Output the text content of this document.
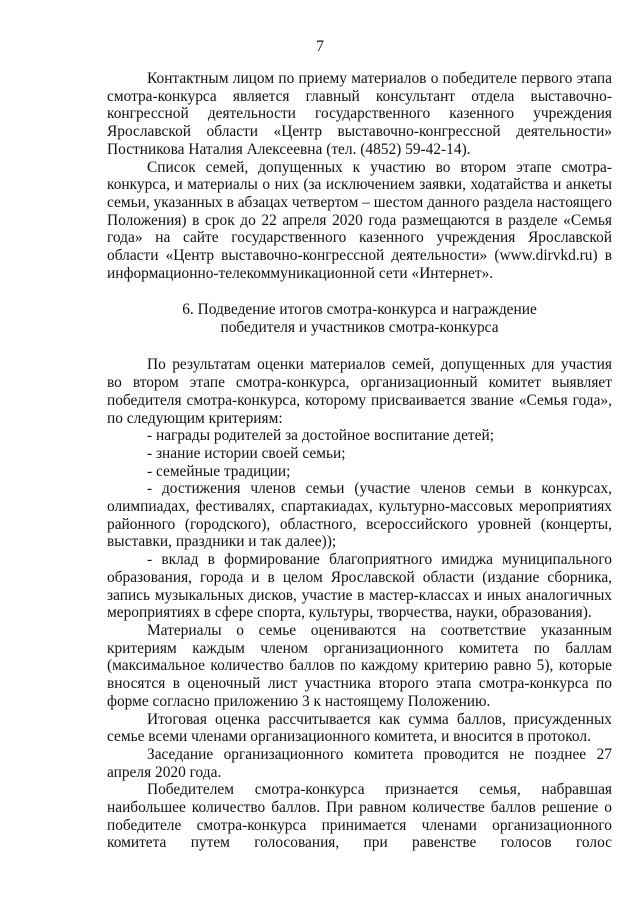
7

Контактным лицом по приему материалов о победителе первого этапа смотра-конкурса является главный консультант отдела выставочно-конгрессной деятельности государственного казенного учреждения Ярославской области «Центр выставочно-конгрессной деятельности» Постникова Наталия Алексеевна (тел. (4852) 59-42-14).

Список семей, допущенных к участию во втором этапе смотра-конкурса, и материалы о них (за исключением заявки, ходатайства и анкеты семьи, указанных в абзацах четвертом – шестом данного раздела настоящего Положения) в срок до 22 апреля 2020 года размещаются в разделе «Семья года» на сайте государственного казенного учреждения Ярославской области «Центр выставочно-конгрессной деятельности» (www.dirvkd.ru) в информационно-телекоммуникационной сети «Интернет».

6. Подведение итогов смотра-конкурса и награждение
победителя и участников смотра-конкурса

По результатам оценки материалов семей, допущенных для участия во втором этапе смотра-конкурса, организационный комитет выявляет победителя смотра-конкурса, которому присваивается звание «Семья года», по следующим критериям:

- награды родителей за достойное воспитание детей;

- знание истории своей семьи;

- семейные традиции;

- достижения членов семьи (участие членов семьи в конкурсах, олимпиадах, фестивалях, спартакиадах, культурно-массовых мероприятиях районного (городского), областного, всероссийского уровней (концерты, выставки, праздники и так далее));

- вклад в формирование благоприятного имиджа муниципального образования, города и в целом Ярославской области (издание сборника, запись музыкальных дисков, участие в мастер-классах и иных аналогичных мероприятиях в сфере спорта, культуры, творчества, науки, образования).

Материалы о семье оцениваются на соответствие указанным критериям каждым членом организационного комитета по баллам (максимальное количество баллов по каждому критерию равно 5), которые вносятся в оценочный лист участника второго этапа смотра-конкурса по форме согласно приложению 3 к настоящему Положению.

Итоговая оценка рассчитывается как сумма баллов, присужденных семье всеми членами организационного комитета, и вносится в протокол.

Заседание организационного комитета проводится не позднее 27 апреля 2020 года.

Победителем смотра-конкурса признается семья, набравшая наибольшее количество баллов. При равном количестве баллов решение о победителе смотра-конкурса принимается членами организационного комитета путем голосования, при равенстве голосов голос
